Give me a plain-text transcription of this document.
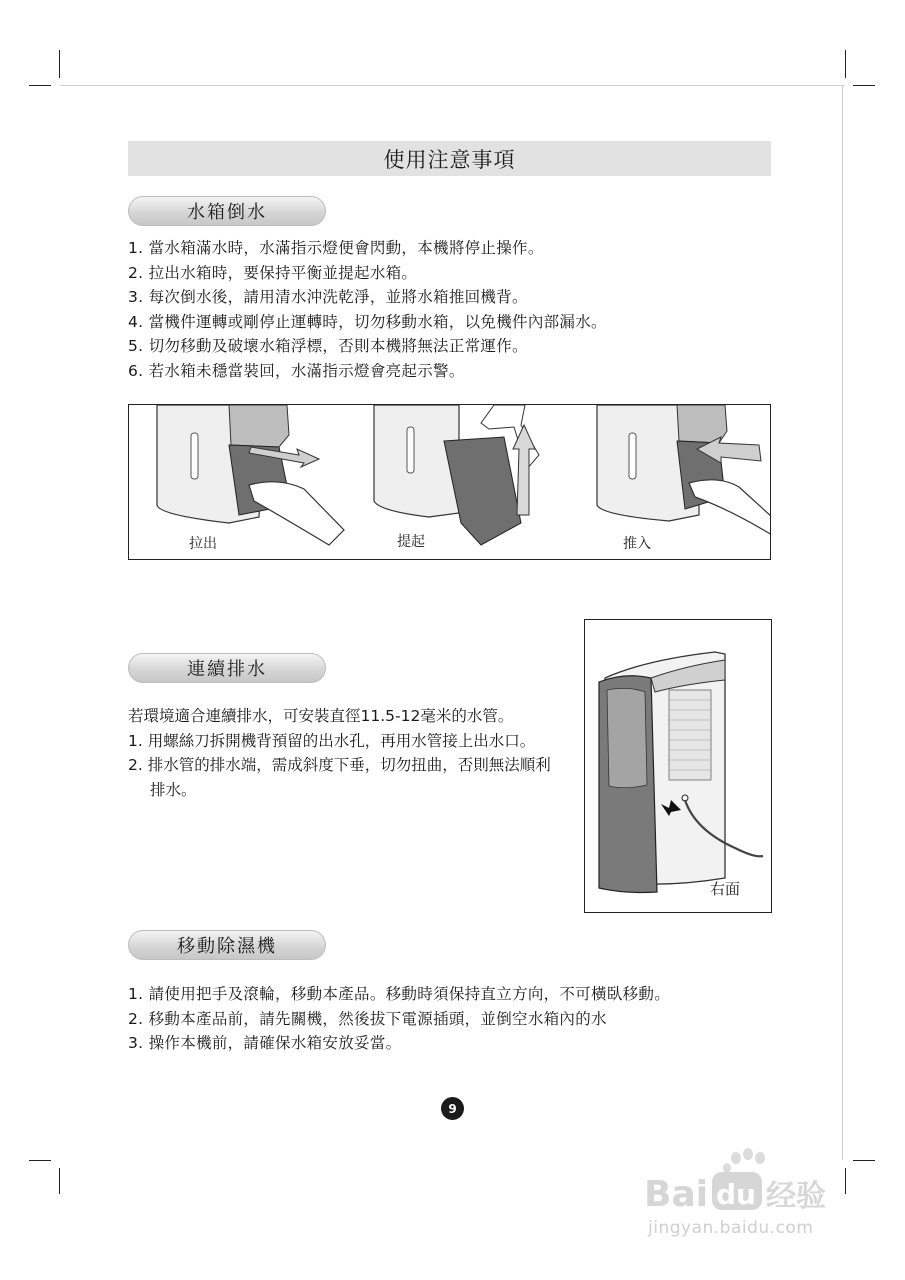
使用注意事項
水箱倒水
1. 當水箱滿水時，水滿指示燈便會閃動，本機將停止操作。
2. 拉出水箱時，要保持平衡並提起水箱。
3. 每次倒水後，請用清水沖洗乾淨，並將水箱推回機背。
4. 當機件運轉或剛停止運轉時，切勿移動水箱，以免機件內部漏水。
5. 切勿移動及破壞水箱浮標，否則本機將無法正常運作。
6. 若水箱未穩當裝回，水滿指示燈會亮起示警。
拉出	提起	推入
連續排水

若環境適合連續排水，可安裝直徑11.5-12毫米的水管。

1. 用螺絲刀拆開機背預留的出水孔，再用水管接上出水口。

2. 排水管的排水端，需成斜度下垂，切勿扭曲，否則無法順利排水。

右面
移動除濕機
1. 請使用把手及滾輪，移動本產品。移動時須保持直立方向，不可橫臥移動。
2. 移動本產品前，請先關機，然後拔下電源插頭，並倒空水箱內的水
3. 操作本機前，請確保水箱安放妥當。
9
Bai du 经验
jingyan.baidu.com
